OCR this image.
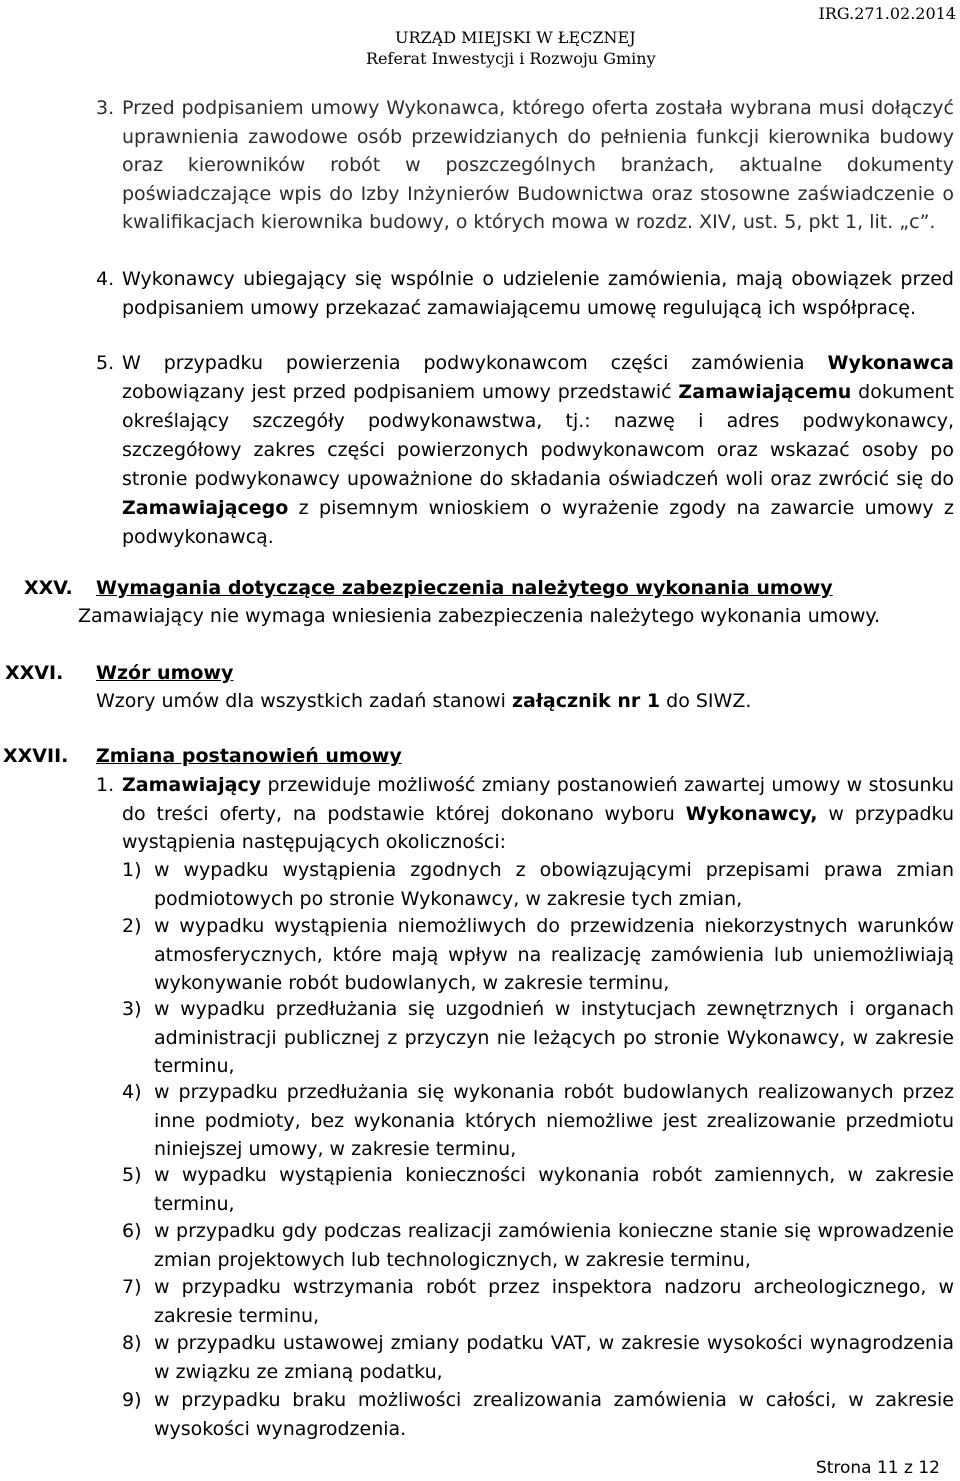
IRG.271.02.2014
URZĄD MIEJSKI W ŁĘCZNEJ
Referat Inwestycji i Rozwoju Gminy
3. Przed podpisaniem umowy Wykonawca, którego oferta została wybrana musi dołączyć uprawnienia zawodowe osób przewidzianych do pełnienia funkcji kierownika budowy oraz kierowników robót w poszczególnych branżach, aktualne dokumenty poświadczające wpis do Izby Inżynierów Budownictwa oraz stosowne zaświadczenie o kwalifikacjach kierownika budowy, o których mowa w rozdz. XIV, ust. 5, pkt 1, lit. „c”.
4. Wykonawcy ubiegający się wspólnie o udzielenie zamówienia, mają obowiązek przed podpisaniem umowy przekazać zamawiającemu umowę regulującą ich współpracę.
5. W przypadku powierzenia podwykonawcom części zamówienia Wykonawca zobowiązany jest przed podpisaniem umowy przedstawić Zamawiającemu dokument określający szczegóły podwykonawstwa, tj.: nazwę i adres podwykonawcy, szczegółowy zakres części powierzonych podwykonawcom oraz wskazać osoby po stronie podwykonawcy upoważnione do składania oświadczeń woli oraz zwrócić się do Zamawiającego z pisemnym wnioskiem o wyrażenie zgody na zawarcie umowy z podwykonawcą.
XXV. Wymagania dotyczące zabezpieczenia należytego wykonania umowy
Zamawiający nie wymaga wniesienia zabezpieczenia należytego wykonania umowy.
XXVI. Wzór umowy
Wzory umów dla wszystkich zadań stanowi załącznik nr 1 do SIWZ.
XXVII. Zmiana postanowień umowy
1. Zamawiający przewiduje możliwość zmiany postanowień zawartej umowy w stosunku do treści oferty, na podstawie której dokonano wyboru Wykonawcy, w przypadku wystąpienia następujących okoliczności:
1) w wypadku wystąpienia zgodnych z obowiązującymi przepisami prawa zmian podmiotowych po stronie Wykonawcy, w zakresie tych zmian,
2) w wypadku wystąpienia niemożliwych do przewidzenia niekorzystnych warunków atmosferycznych, które mają wpływ na realizację zamówienia lub uniemożliwiają wykonywanie robót budowlanych, w zakresie terminu,
3) w wypadku przedłużania się uzgodnień w instytucjach zewnętrznych i organach administracji publicznej z przyczyn nie leżących po stronie Wykonawcy, w zakresie terminu,
4) w przypadku przedłużania się wykonania robót budowlanych realizowanych przez inne podmioty, bez wykonania których niemożliwe jest zrealizowanie przedmiotu niniejszej umowy, w zakresie terminu,
5) w wypadku wystąpienia konieczności wykonania robót zamiennych, w zakresie terminu,
6) w przypadku gdy podczas realizacji zamówienia konieczne stanie się wprowadzenie zmian projektowych lub technologicznych, w zakresie terminu,
7) w przypadku wstrzymania robót przez inspektora nadzoru archeologicznego, w zakresie terminu,
8) w przypadku ustawowej zmiany podatku VAT, w zakresie wysokości wynagrodzenia w związku ze zmianą podatku,
9) w przypadku braku możliwości zrealizowania zamówienia w całości, w zakresie wysokości wynagrodzenia.
Strona 11 z 12
